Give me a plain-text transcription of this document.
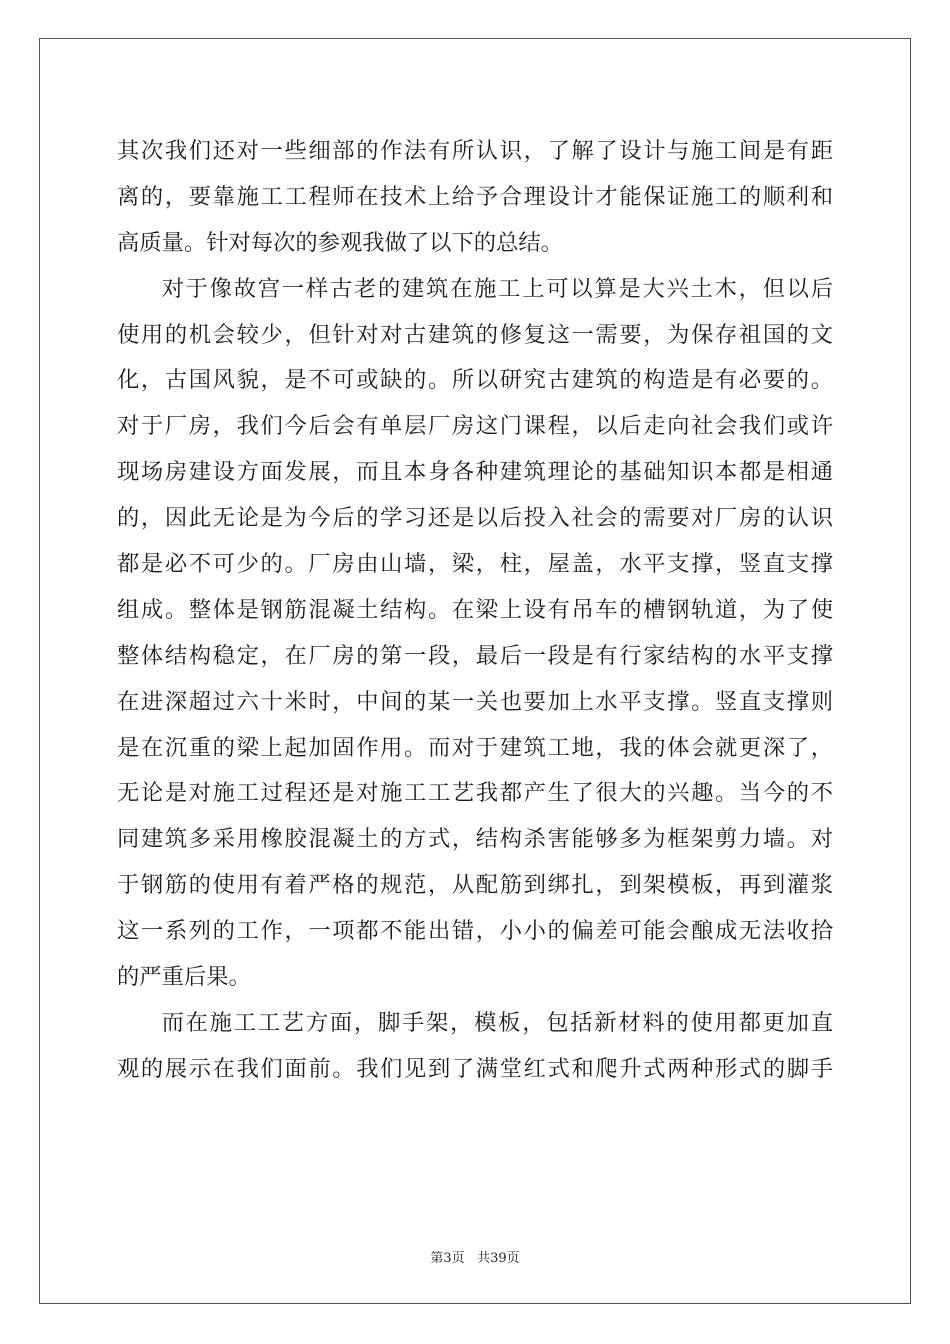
其次我们还对一些细部的作法有所认识，了解了设计与施工间是有距
离的，要靠施工工程师在技术上给予合理设计才能保证施工的顺利和
高质量。针对每次的参观我做了以下的总结。

对于像故宫一样古老的建筑在施工上可以算是大兴土木，但以后
使用的机会较少，但针对对古建筑的修复这一需要，为保存祖国的文
化，古国风貌，是不可或缺的。所以研究古建筑的构造是有必要的。
对于厂房，我们今后会有单层厂房这门课程，以后走向社会我们或许
现场房建设方面发展，而且本身各种建筑理论的基础知识本都是相通
的，因此无论是为今后的学习还是以后投入社会的需要对厂房的认识
都是必不可少的。厂房由山墙，梁，柱，屋盖，水平支撑，竖直支撑
组成。整体是钢筋混凝土结构。在梁上设有吊车的槽钢轨道，为了使
整体结构稳定，在厂房的第一段，最后一段是有行家结构的水平支撑
在进深超过六十米时，中间的某一关也要加上水平支撑。竖直支撑则
是在沉重的梁上起加固作用。而对于建筑工地，我的体会就更深了，
无论是对施工过程还是对施工工艺我都产生了很大的兴趣。当今的不
同建筑多采用橡胶混凝土的方式，结构杀害能够多为框架剪力墙。对
于钢筋的使用有着严格的规范，从配筋到绑扎，到架模板，再到灌浆
这一系列的工作，一项都不能出错，小小的偏差可能会酿成无法收拾
的严重后果。

而在施工工艺方面，脚手架，模板，包括新材料的使用都更加直
观的展示在我们面前。我们见到了满堂红式和爬升式两种形式的脚手

第3页 共39页
